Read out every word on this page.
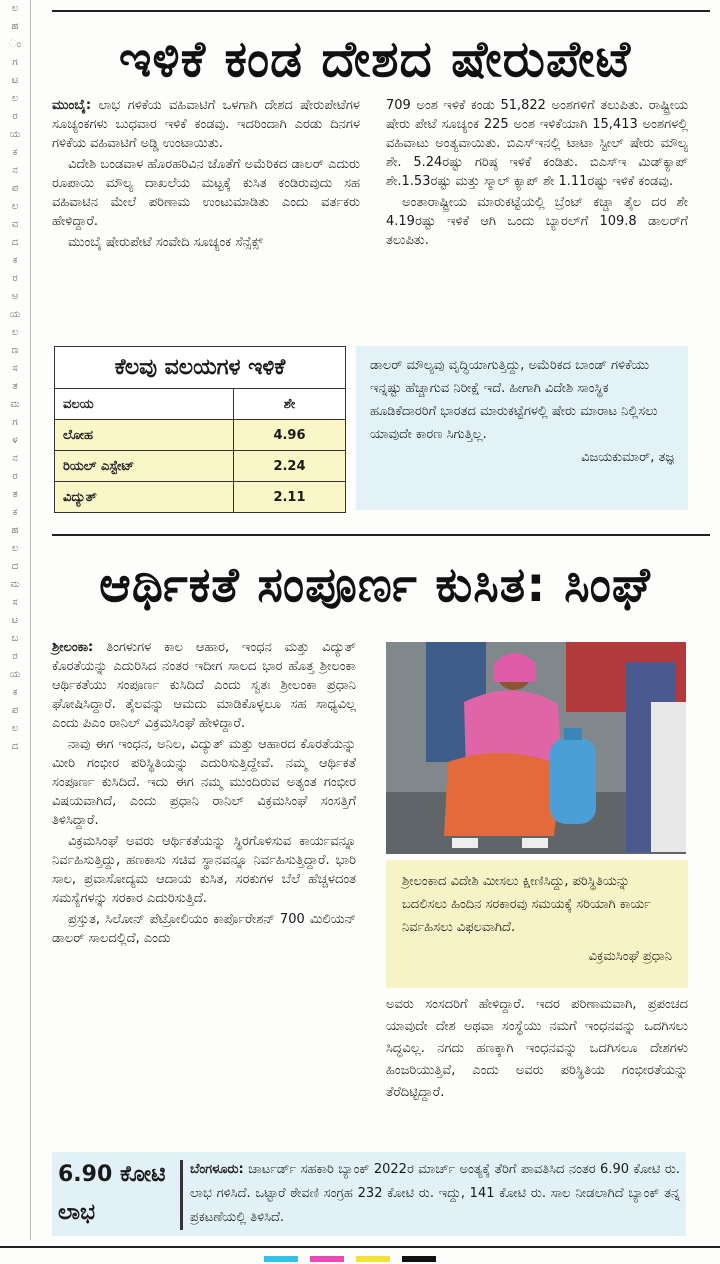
ಲ
ಹ
ಂ
ಗ
ಟ
ಲ
ರ
ಯ
ಕ
ನ
ಪ
ಲ
ವ
ದ
ಕ
ರ
ಅ
ಯ
ಲ
ಣ
ಸ
ತ
ಮ
ಗ
ಳ
ನ
ರ
ತ
ಕ
ಹ
ಲ
ದ
ಮ
ಸ
ಟ
ಬ
ರ
ಯ
ಕ
ಪ
ಲ
ದ
ಇಳಿಕೆ ಕಂಡ ದೇಶದ ಷೇರುಪೇಟೆ

ಮುಂಬೈ: ಲಾಭ ಗಳಿಕೆಯ ವಹಿವಾಟಿಗೆ ಒಳಗಾಗಿ ದೇಶದ ಷೇರುಪೇಟೆಗಳ ಸೂಚ್ಯಂಕಗಳು ಬುಧವಾರ ಇಳಿಕೆ ಕಂಡವು. ಇದರಿಂದಾಗಿ ಎರಡು ದಿನಗಳ ಗಳಿಕೆಯ ವಹಿವಾಟಿಗೆ ಅಡ್ಡಿ ಉಂಟಾಯಿತು.

ವಿದೇಶಿ ಬಂಡವಾಳ ಹೊರಹರಿವಿನ ಜೊತೆಗೆ ಅಮೆರಿಕದ ಡಾಲರ್ ಎದುರು ರೂಪಾಯಿ ಮೌಲ್ಯ ದಾಖಲೆಯ ಮಟ್ಟಕ್ಕೆ ಕುಸಿತ ಕಂಡಿರುವುದು ಸಹ ವಹಿವಾಟಿನ ಮೇಲೆ ಪರಿಣಾಮ ಉಂಟುಮಾಡಿತು ಎಂದು ವರ್ತಕರು ಹೇಳಿದ್ದಾರೆ.

ಮುಂಬೈ ಷೇರುಪೇಟೆ ಸಂವೇದಿ ಸೂಚ್ಯಂಕ ಸೆನ್ಸೆಕ್ಸ್

709 ಅಂಶ ಇಳಿಕೆ ಕಂಡು 51,822 ಅಂಶಗಳಿಗೆ ತಲುಪಿತು. ರಾಷ್ಟ್ರೀಯ ಷೇರು ಪೇಟೆ ಸೂಚ್ಯಂಕ 225 ಅಂಶ ಇಳಿಕೆಯಾಗಿ 15,413 ಅಂಶಗಳಲ್ಲಿ ವಹಿವಾಟು ಅಂತ್ಯವಾಯಿತು. ಬಿಎಸ್‌ಇನಲ್ಲಿ ಟಾಟಾ ಸ್ಟೀಲ್ ಷೇರು ಮೌಲ್ಯ ಶೇ. 5.24ರಷ್ಟು ಗರಿಷ್ಠ ಇಳಿಕೆ ಕಂಡಿತು. ಬಿಎಸ್‌ಇ ಮಿಡ್‌ಕ್ಯಾಪ್ ಶೇ.1.53ರಷ್ಟು ಮತ್ತು ಸ್ಮಾಲ್ ಕ್ಯಾಪ್ ಶೇ 1.11ರಷ್ಟು ಇಳಿಕೆ ಕಂಡವು.

ಅಂತಾರಾಷ್ಟ್ರೀಯ ಮಾರುಕಟ್ಟೆಯಲ್ಲಿ ಬ್ರೆಂಟ್ ಕಚ್ಚಾ ತೈಲ ದರ ಶೇ 4.19ರಷ್ಟು ಇಳಿಕೆ ಆಗಿ ಒಂದು ಬ್ಯಾರಲ್‌ಗೆ 109.8 ಡಾಲರ್‌ಗೆ ತಲುಪಿತು.

ಕೆಲವು ವಲಯಗಳ ಇಳಿಕೆ
ವಲಯ	ಶೇ
ಲೋಹ	4.96
ರಿಯಲ್ ಎಸ್ಟೇಟ್	2.24
ವಿದ್ಯುತ್	2.11
ಡಾಲರ್ ಮೌಲ್ಯವು ವೃದ್ಧಿಯಾಗುತ್ತಿದ್ದು, ಅಮೆರಿಕದ ಬಾಂಡ್ ಗಳಿಕೆಯು ಇನ್ನಷ್ಟು ಹೆಚ್ಚಾಗುವ ನಿರೀಕ್ಷೆ ಇದೆ. ಹೀಗಾಗಿ ವಿದೇಶಿ ಸಾಂಸ್ಥಿಕ ಹೂಡಿಕೆದಾರರಿಗೆ ಭಾರತದ ಮಾರುಕಟ್ಟೆಗಳಲ್ಲಿ ಷೇರು ಮಾರಾಟ ನಿಲ್ಲಿಸಲು ಯಾವುದೇ ಕಾರಣ ಸಿಗುತ್ತಿಲ್ಲ.
ವಿಜಯಕುಮಾರ್, ತಜ್ಞ
ಆರ್ಥಿಕತೆ ಸಂಪೂರ್ಣ ಕುಸಿತ: ಸಿಂಘೆ

ಶ್ರೀಲಂಕಾ: ತಿಂಗಳುಗಳ ಕಾಲ ಆಹಾರ, ಇಂಧನ ಮತ್ತು ವಿದ್ಯುತ್ ಕೊರತೆಯನ್ನು ಎದುರಿಸಿದ ನಂತರ ಇದೀಗ ಸಾಲದ ಭಾರ ಹೊತ್ತ ಶ್ರೀಲಂಕಾ ಆರ್ಥಿಕತೆಯು ಸಂಪೂರ್ಣ ಕುಸಿದಿದೆ ಎಂದು ಸ್ವತಃ ಶ್ರೀಲಂಕಾ ಪ್ರಧಾನಿ ಘೋಷಿಸಿದ್ದಾರೆ. ತೈಲವನ್ನು ಆಮದು ಮಾಡಿಕೊಳ್ಳಲೂ ಸಹ ಸಾಧ್ಯವಿಲ್ಲ ಎಂದು ಪಿಎಂ ರಾನಿಲ್ ವಿಕ್ರಮಸಿಂಘೆ ಹೇಳಿದ್ದಾರೆ.

ನಾವು ಈಗ ಇಂಧನ, ಅನಿಲ, ವಿದ್ಯುತ್ ಮತ್ತು ಆಹಾರದ ಕೊರತೆಯನ್ನು ಮೀರಿ ಗಂಭೀರ ಪರಿಸ್ಥಿತಿಯನ್ನು ಎದುರಿಸುತ್ತಿದ್ದೇವೆ. ನಮ್ಮ ಆರ್ಥಿಕತೆ ಸಂಪೂರ್ಣ ಕುಸಿದಿದೆ. ಇದು ಈಗ ನಮ್ಮ ಮುಂದಿರುವ ಅತ್ಯಂತ ಗಂಭೀರ ವಿಷಯವಾಗಿದೆ, ಎಂದು ಪ್ರಧಾನಿ ರಾನಿಲ್ ವಿಕ್ರಮಸಿಂಘೆ ಸಂಸತ್ತಿಗೆ ತಿಳಿಸಿದ್ದಾರೆ.

ವಿಕ್ರಮಸಿಂಘೆ ಅವರು ಆರ್ಥಿಕತೆಯನ್ನು ಸ್ಥಿರಗೊಳಿಸುವ ಕಾರ್ಯವನ್ನೂ ನಿರ್ವಹಿಸುತ್ತಿದ್ದು, ಹಣಕಾಸು ಸಚಿವ ಸ್ಥಾನವನ್ನೂ ನಿರ್ವಹಿಸುತ್ತಿದ್ದಾರೆ. ಭಾರಿ ಸಾಲ, ಪ್ರವಾಸೋದ್ಯಮ ಆದಾಯ ಕುಸಿತ, ಸರಕುಗಳ ಬೆಲೆ ಹೆಚ್ಚಳದಂತ ಸಮಸ್ಯೆಗಳನ್ನು ಸರಕಾರ ಎದುರಿಸುತ್ತಿದೆ.

ಪ್ರಸ್ತುತ, ಸಿಲೋನ್ ಪೆಟ್ರೋಲಿಯಂ ಕಾರ್ಪೊರೇಶನ್ 700 ಮಿಲಿಯನ್ ಡಾಲರ್ ಸಾಲದಲ್ಲಿದೆ, ಎಂದು

ಶ್ರೀಲಂಕಾದ ವಿದೇಶಿ ಮೀಸಲು ಕ್ಷೀಣಿಸಿದ್ದು, ಪರಿಸ್ಥಿತಿಯನ್ನು ಬದಲಿಸಲು ಹಿಂದಿನ ಸರಕಾರವು ಸಮಯಕ್ಕೆ ಸರಿಯಾಗಿ ಕಾರ್ಯ ನಿರ್ವಹಿಸಲು ವಿಫಲವಾಗಿದೆ.
ವಿಕ್ರಮಸಿಂಘೆ ಪ್ರಧಾನಿ

ಅವರು ಸಂಸದರಿಗೆ ಹೇಳಿದ್ದಾರೆ. ಇದರ ಪರಿಣಾಮವಾಗಿ, ಪ್ರಪಂಚದ ಯಾವುದೇ ದೇಶ ಅಥವಾ ಸಂಸ್ಥೆಯು ನಮಗೆ ಇಂಧನವನ್ನು ಒದಗಿಸಲು ಸಿದ್ಧವಿಲ್ಲ. ನಗದು ಹಣಕ್ಕಾಗಿ ಇಂಧನವನ್ನು ಒದಗಿಸಲೂ ದೇಶಗಳು ಹಿಂಜರಿಯುತ್ತಿವೆ, ಎಂದು ಅವರು ಪರಿಸ್ಥಿತಿಯ ಗಂಭೀರತೆಯನ್ನು ತೆರೆದಿಟ್ಟಿದ್ದಾರೆ.

6.90 ಕೋಟಿ
ಲಾಭ
ಬೆಂಗಳೂರು: ಚಾರ್ಟರ್ಡ್ ಸಹಕಾರಿ ಬ್ಯಾಂಕ್ 2022ರ ಮಾರ್ಚ್ ಅಂತ್ಯಕ್ಕೆ ತೆರಿಗೆ ಪಾವತಿಸಿದ ನಂತರ 6.90 ಕೋಟಿ ರು. ಲಾಭ ಗಳಿಸಿದೆ. ಒಟ್ಟಾರೆ ಠೇವಣಿ ಸಂಗ್ರಹ 232 ಕೋಟಿ ರು. ಇದ್ದು, 141 ಕೋಟಿ ರು. ಸಾಲ ನೀಡಲಾಗಿದೆ ಬ್ಯಾಂಕ್ ತನ್ನ ಪ್ರಕಟಣೆಯಲ್ಲಿ ತಿಳಿಸಿದೆ.
